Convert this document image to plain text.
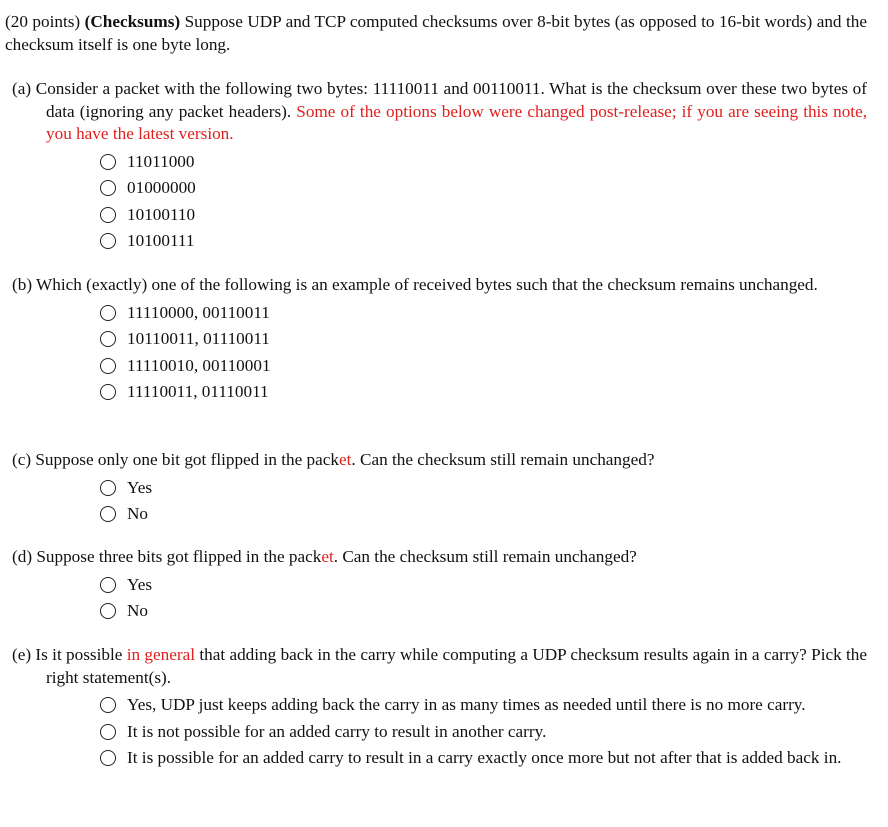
(20 points) (Checksums) Suppose UDP and TCP computed checksums over 8-bit bytes (as opposed to 16-bit words) and the checksum itself is one byte long.
(a) Consider a packet with the following two bytes: 11110011 and 00110011. What is the checksum over these two bytes of data (ignoring any packet headers). Some of the options below were changed post-release; if you are seeing this note, you have the latest version.
11011000
01000000
10100110
10100111
(b) Which (exactly) one of the following is an example of received bytes such that the checksum remains unchanged.
11110000, 00110011
10110011, 01110011
11110010, 00110001
11110011, 01110011
(c) Suppose only one bit got flipped in the packet. Can the checksum still remain unchanged?
Yes
No
(d) Suppose three bits got flipped in the packet. Can the checksum still remain unchanged?
Yes
No
(e) Is it possible in general that adding back in the carry while computing a UDP checksum results again in a carry? Pick the right statement(s).
Yes, UDP just keeps adding back the carry in as many times as needed until there is no more carry.
It is not possible for an added carry to result in another carry.
It is possible for an added carry to result in a carry exactly once more but not after that is added back in.
